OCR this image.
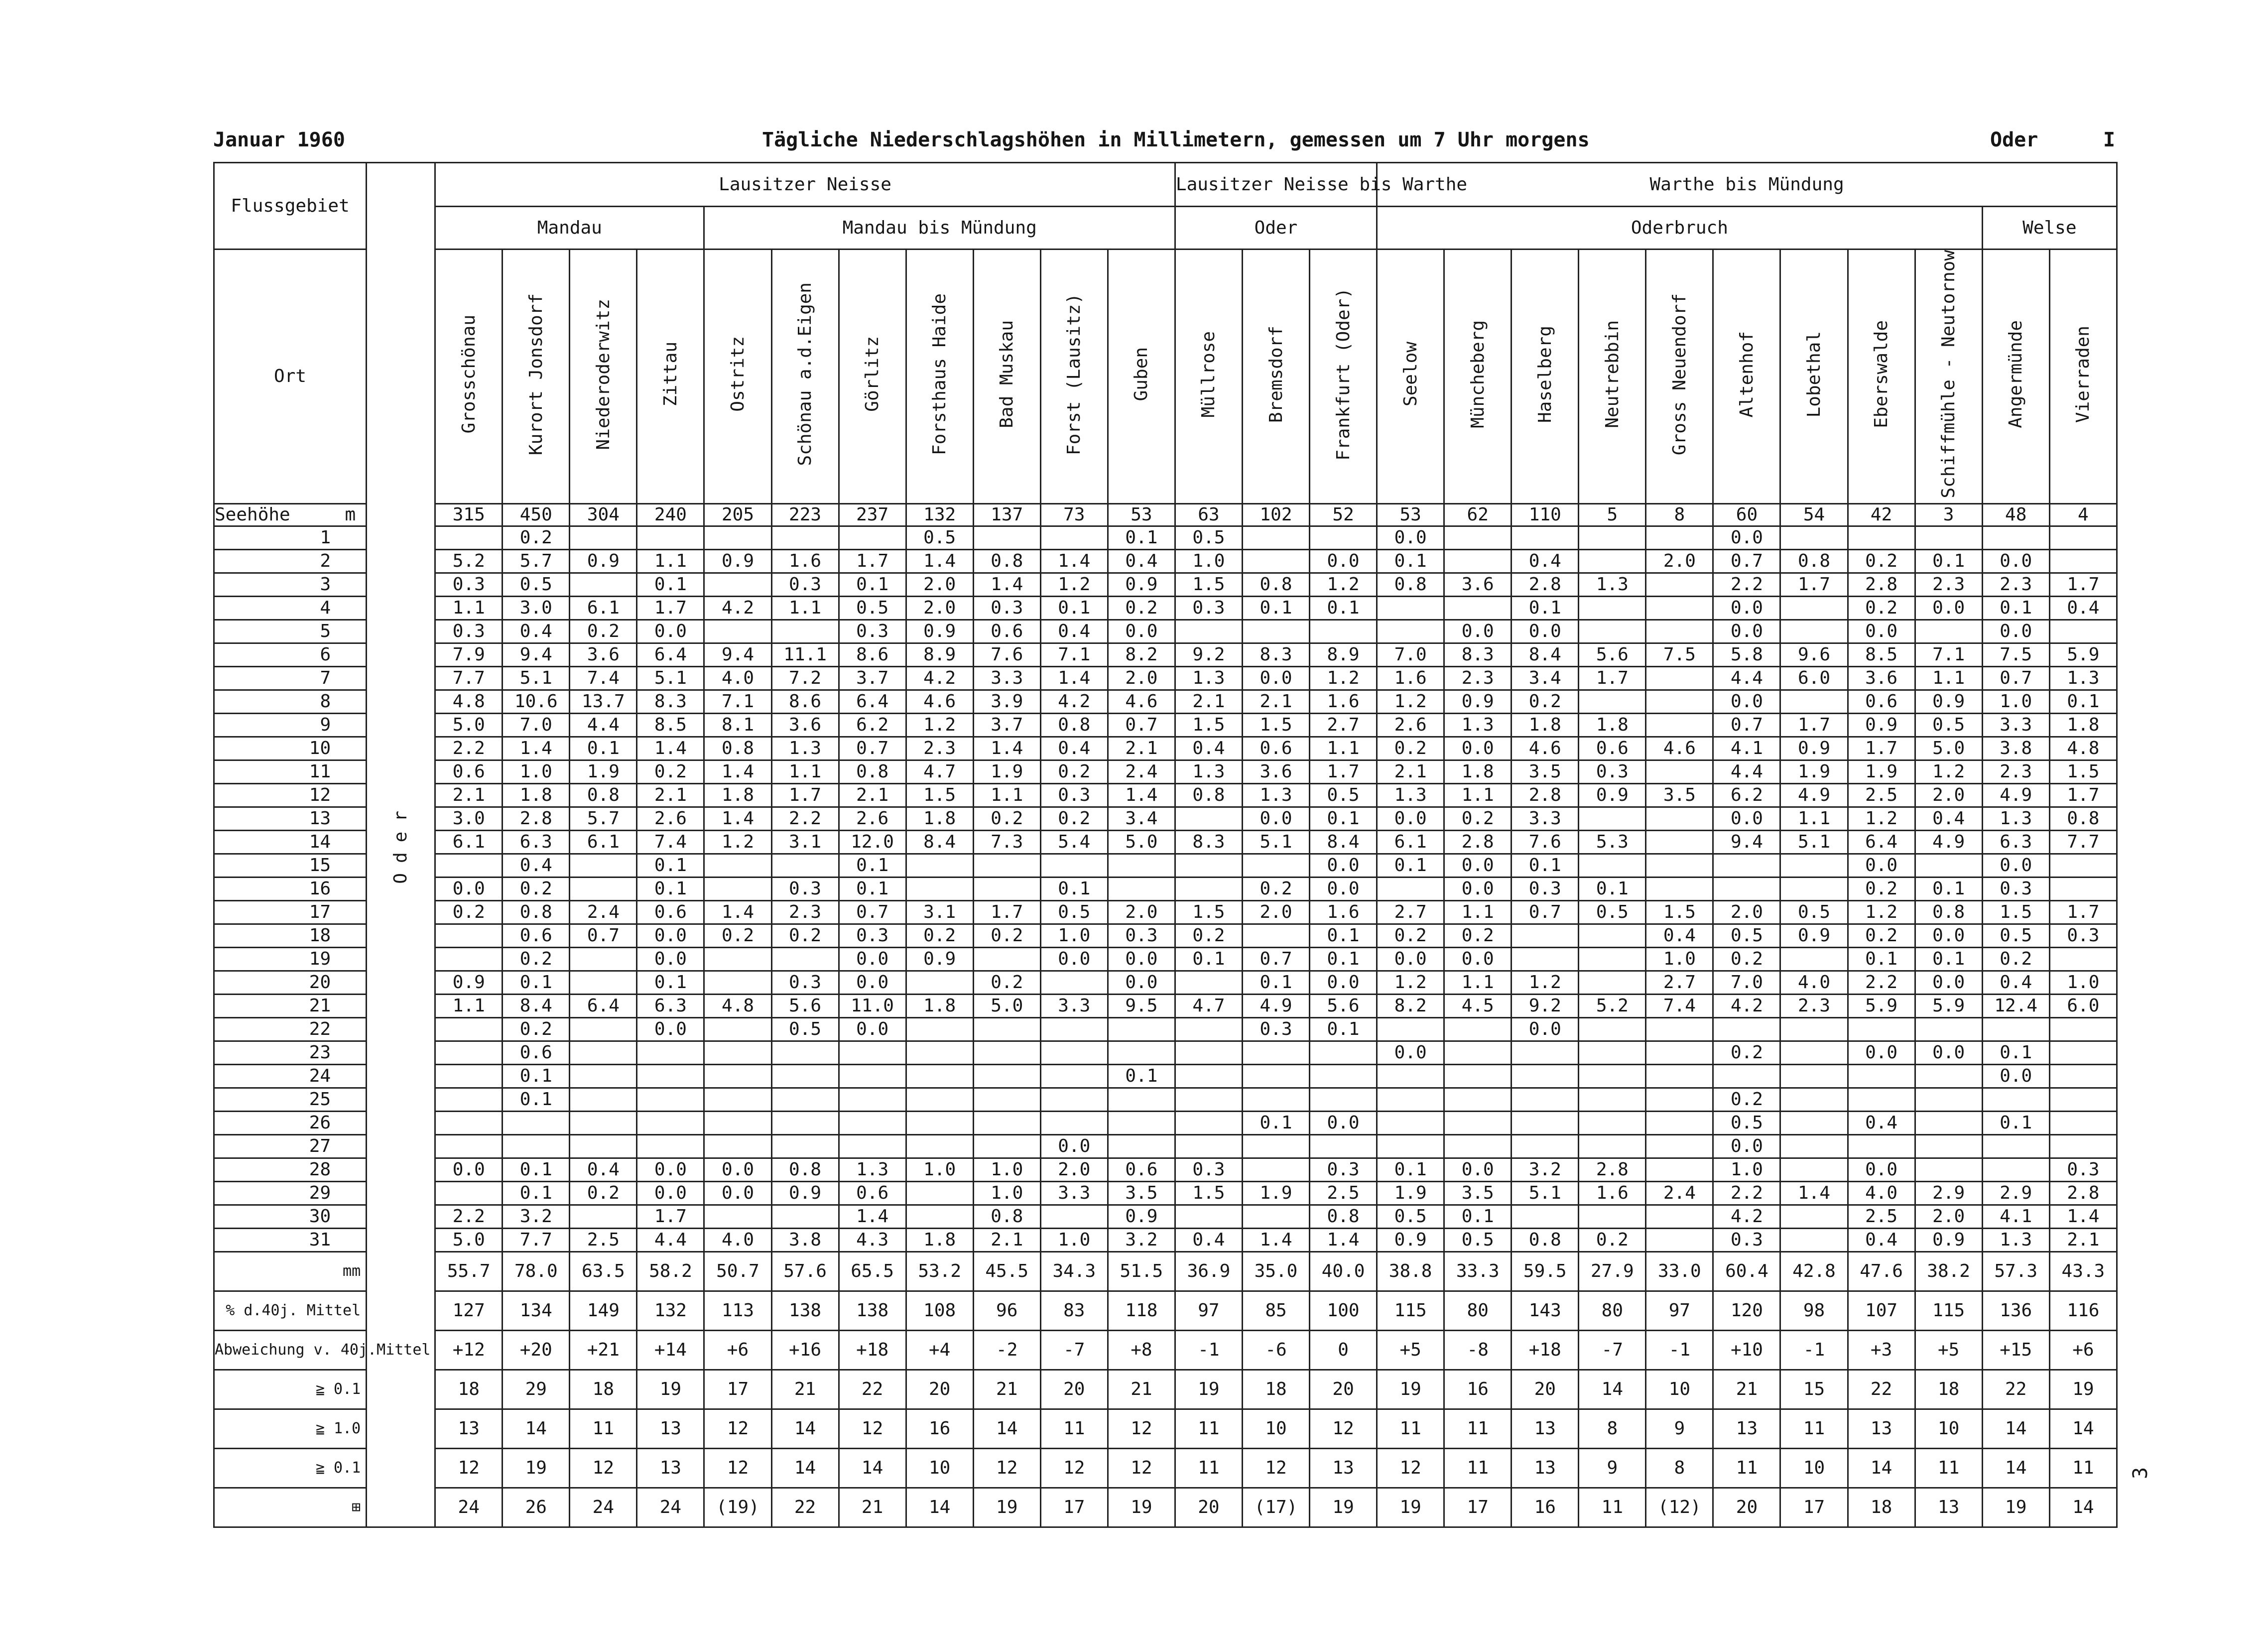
Januar 1960	Tägliche Niederschlagshöhen in Millimetern, gemessen um 7 Uhr morgens	Oder	I
3
Flussgebiet	Oder	Lausitzer Neisse											Lausitzer Neisse bis Warthe			Warthe bis Mündung										
		Mandau				Mandau bis Mündung							Oder			Oderbruch									Welse	
Ort		Grosschönau	Kurort Jonsdorf	Niederoderwitz	Zittau	Ostritz	Schönau a.d.Eigen	Görlitz	Forsthaus Haide	Bad Muskau	Forst (Lausitz)	Guben	Müllrose	Bremsdorf	Frankfurt (Oder)	Seelow	Müncheberg	Haselberg	Neutrebbin	Gross Neuendorf	Altenhof	Lobethal	Eberswalde	Schiffmühle - Neutornow	Angermünde	Vierraden
Seehöhe m		315	450	304	240	205	223	237	132	137	73	53	63	102	52	53	62	110	5	8	60	54	42	3	48	4
1			0.2						0.5			0.1	0.5			0.0					0.0					
2		5.2	5.7	0.9	1.1	0.9	1.6	1.7	1.4	0.8	1.4	0.4	1.0		0.0	0.1		0.4		2.0	0.7	0.8	0.2	0.1	0.0	
3		0.3	0.5		0.1		0.3	0.1	2.0	1.4	1.2	0.9	1.5	0.8	1.2	0.8	3.6	2.8	1.3		2.2	1.7	2.8	2.3	2.3	1.7
4		1.1	3.0	6.1	1.7	4.2	1.1	0.5	2.0	0.3	0.1	0.2	0.3	0.1	0.1			0.1			0.0		0.2	0.0	0.1	0.4
5		0.3	0.4	0.2	0.0			0.3	0.9	0.6	0.4	0.0					0.0	0.0			0.0		0.0		0.0	
6		7.9	9.4	3.6	6.4	9.4	11.1	8.6	8.9	7.6	7.1	8.2	9.2	8.3	8.9	7.0	8.3	8.4	5.6	7.5	5.8	9.6	8.5	7.1	7.5	5.9
7		7.7	5.1	7.4	5.1	4.0	7.2	3.7	4.2	3.3	1.4	2.0	1.3	0.0	1.2	1.6	2.3	3.4	1.7		4.4	6.0	3.6	1.1	0.7	1.3
8		4.8	10.6	13.7	8.3	7.1	8.6	6.4	4.6	3.9	4.2	4.6	2.1	2.1	1.6	1.2	0.9	0.2			0.0		0.6	0.9	1.0	0.1
9		5.0	7.0	4.4	8.5	8.1	3.6	6.2	1.2	3.7	0.8	0.7	1.5	1.5	2.7	2.6	1.3	1.8	1.8		0.7	1.7	0.9	0.5	3.3	1.8
10		2.2	1.4	0.1	1.4	0.8	1.3	0.7	2.3	1.4	0.4	2.1	0.4	0.6	1.1	0.2	0.0	4.6	0.6	4.6	4.1	0.9	1.7	5.0	3.8	4.8
11		0.6	1.0	1.9	0.2	1.4	1.1	0.8	4.7	1.9	0.2	2.4	1.3	3.6	1.7	2.1	1.8	3.5	0.3		4.4	1.9	1.9	1.2	2.3	1.5
12		2.1	1.8	0.8	2.1	1.8	1.7	2.1	1.5	1.1	0.3	1.4	0.8	1.3	0.5	1.3	1.1	2.8	0.9	3.5	6.2	4.9	2.5	2.0	4.9	1.7
13		3.0	2.8	5.7	2.6	1.4	2.2	2.6	1.8	0.2	0.2	3.4		0.0	0.1	0.0	0.2	3.3			0.0	1.1	1.2	0.4	1.3	0.8
14		6.1	6.3	6.1	7.4	1.2	3.1	12.0	8.4	7.3	5.4	5.0	8.3	5.1	8.4	6.1	2.8	7.6	5.3		9.4	5.1	6.4	4.9	6.3	7.7
15			0.4		0.1			0.1							0.0	0.1	0.0	0.1					0.0		0.0	
16		0.0	0.2		0.1		0.3	0.1			0.1			0.2	0.0		0.0	0.3	0.1				0.2	0.1	0.3	
17		0.2	0.8	2.4	0.6	1.4	2.3	0.7	3.1	1.7	0.5	2.0	1.5	2.0	1.6	2.7	1.1	0.7	0.5	1.5	2.0	0.5	1.2	0.8	1.5	1.7
18			0.6	0.7	0.0	0.2	0.2	0.3	0.2	0.2	1.0	0.3	0.2		0.1	0.2	0.2			0.4	0.5	0.9	0.2	0.0	0.5	0.3
19			0.2		0.0			0.0	0.9		0.0	0.0	0.1	0.7	0.1	0.0	0.0			1.0	0.2		0.1	0.1	0.2	
20		0.9	0.1		0.1		0.3	0.0		0.2		0.0		0.1	0.0	1.2	1.1	1.2		2.7	7.0	4.0	2.2	0.0	0.4	1.0
21		1.1	8.4	6.4	6.3	4.8	5.6	11.0	1.8	5.0	3.3	9.5	4.7	4.9	5.6	8.2	4.5	9.2	5.2	7.4	4.2	2.3	5.9	5.9	12.4	6.0
22			0.2		0.0		0.5	0.0						0.3	0.1			0.0								
23			0.6													0.0					0.2		0.0	0.0	0.1	
24			0.1									0.1													0.0	
25			0.1																		0.2					
26														0.1	0.0						0.5		0.4		0.1	
27											0.0										0.0					
28		0.0	0.1	0.4	0.0	0.0	0.8	1.3	1.0	1.0	2.0	0.6	0.3		0.3	0.1	0.0	3.2	2.8		1.0		0.0			0.3
29			0.1	0.2	0.0	0.0	0.9	0.6		1.0	3.3	3.5	1.5	1.9	2.5	1.9	3.5	5.1	1.6	2.4	2.2	1.4	4.0	2.9	2.9	2.8
30		2.2	3.2		1.7			1.4		0.8		0.9			0.8	0.5	0.1				4.2		2.5	2.0	4.1	1.4
31		5.0	7.7	2.5	4.4	4.0	3.8	4.3	1.8	2.1	1.0	3.2	0.4	1.4	1.4	0.9	0.5	0.8	0.2		0.3		0.4	0.9	1.3	2.1
mm		55.7	78.0	63.5	58.2	50.7	57.6	65.5	53.2	45.5	34.3	51.5	36.9	35.0	40.0	38.8	33.3	59.5	27.9	33.0	60.4	42.8	47.6	38.2	57.3	43.3
% d.40j. Mittel		127	134	149	132	113	138	138	108	96	83	118	97	85	100	115	80	143	80	97	120	98	107	115	136	116
Abweichung v. 40j.Mittel		+12	+20	+21	+14	+6	+16	+18	+4	-2	-7	+8	-1	-6	0	+5	-8	+18	-7	-1	+10	-1	+3	+5	+15	+6
≧ 0.1		18	29	18	19	17	21	22	20	21	20	21	19	18	20	19	16	20	14	10	21	15	22	18	22	19
≧ 1.0		13	14	11	13	12	14	12	16	14	11	12	11	10	12	11	11	13	8	9	13	11	13	10	14	14
≧ 0.1		12	19	12	13	12	14	14	10	12	12	12	11	12	13	12	11	13	9	8	11	10	14	11	14	11
⊞		24	26	24	24	(19)	22	21	14	19	17	19	20	(17)	19	19	17	16	11	(12)	20	17	18	13	19	14
